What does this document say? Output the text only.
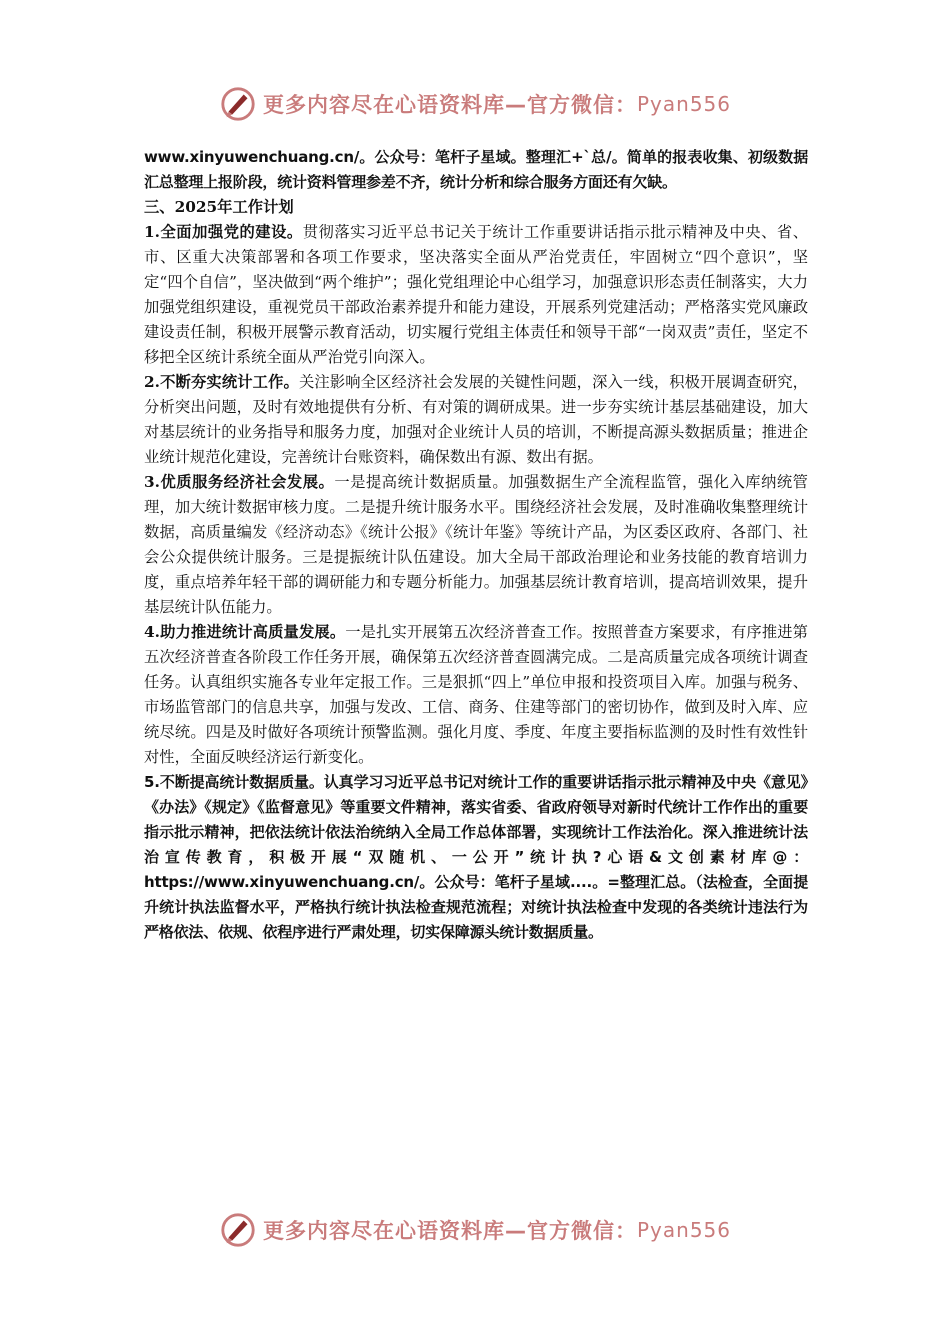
更多内容尽在心语资料库—官方微信： Pyan556

www.xinyuwenchuang.cn/。公众号：笔杆子星域。整理汇+`总/。简单的报表收集、初级数据汇总整理上报阶段，统计资料管理参差不齐，统计分析和综合服务方面还有欠缺。

三、2025年工作计划

1.全面加强党的建设。贯彻落实习近平总书记关于统计工作重要讲话指示批示精神及中央、省、市、区重大决策部署和各项工作要求，坚决落实全面从严治党责任，牢固树立“四个意识”，坚定“四个自信”，坚决做到“两个维护”；强化党组理论中心组学习，加强意识形态责任制落实，大力加强党组织建设，重视党员干部政治素养提升和能力建设，开展系列党建活动；严格落实党风廉政建设责任制，积极开展警示教育活动，切实履行党组主体责任和领导干部“一岗双责”责任，坚定不移把全区统计系统全面从严治党引向深入。

2.不断夯实统计工作。关注影响全区经济社会发展的关键性问题，深入一线，积极开展调查研究，分析突出问题，及时有效地提供有分析、有对策的调研成果。进一步夯实统计基层基础建设，加大对基层统计的业务指导和服务力度，加强对企业统计人员的培训，不断提高源头数据质量；推进企业统计规范化建设，完善统计台账资料，确保数出有源、数出有据。

3.优质服务经济社会发展。一是提高统计数据质量。加强数据生产全流程监管，强化入库纳统管理，加大统计数据审核力度。二是提升统计服务水平。围绕经济社会发展，及时准确收集整理统计数据，高质量编发《经济动态》《统计公报》《统计年鉴》等统计产品，为区委区政府、各部门、社会公众提供统计服务。三是提振统计队伍建设。加大全局干部政治理论和业务技能的教育培训力度，重点培养年轻干部的调研能力和专题分析能力。加强基层统计教育培训，提高培训效果，提升基层统计队伍能力。

4.助力推进统计高质量发展。一是扎实开展第五次经济普查工作。按照普查方案要求，有序推进第五次经济普查各阶段工作任务开展，确保第五次经济普查圆满完成。二是高质量完成各项统计调查任务。认真组织实施各专业年定报工作。三是狠抓“四上”单位申报和投资项目入库。加强与税务、市场监管部门的信息共享，加强与发改、工信、商务、住建等部门的密切协作，做到及时入库、应统尽统。四是及时做好各项统计预警监测。强化月度、季度、年度主要指标监测的及时性有效性针对性，全面反映经济运行新变化。

5.不断提高统计数据质量。认真学习习近平总书记对统计工作的重要讲话指示批示精神及中央《意见》《办法》《规定》《监督意见》等重要文件精神，落实省委、省政府领导对新时代统计工作作出的重要指示批示精神，把依法统计依法治统纳入全局工作总体部署，实现统计工作法治化。深入推进统计法治宣传教育，积极开展“双随机、一公开”统计执?心语&文创素材库@：https://www.xinyuwenchuang.cn/。公众号：笔杆子星域....。=整理汇总。（法检查，全面提升统计执法监督水平，严格执行统计执法检查规范流程；对统计执法检查中发现的各类统计违法行为严格依法、依规、依程序进行严肃处理，切实保障源头统计数据质量。

更多内容尽在心语资料库—官方微信： Pyan556
